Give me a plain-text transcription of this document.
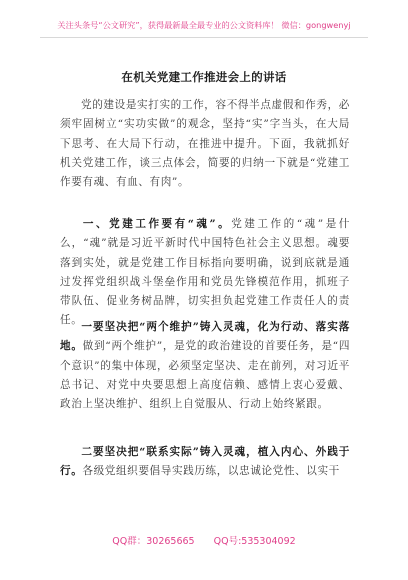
关注头条号“公文研究”，获得最新最全最专业的公文资料库！ 微信：gongwenyj
在机关党建工作推进会上的讲话
党的建设是实打实的工作，容不得半点虚假和作秀，必须牢固树立“实功实做”的观念，坚持“实”字当头，在大局下思考、在大局下行动，在推进中提升。下面，我就抓好机关党建工作，谈三点体会，简要的归纳一下就是“党建工作要有魂、有血、有肉”。
一、党建工作要有“魂”。党建工作的“魂”是什么，“魂”就是习近平新时代中国特色社会主义思想。魂要落到实处，就是党建工作目标指向要明确，说到底就是通过发挥党组织战斗堡垒作用和党员先锋模范作用，抓班子带队伍、促业务树品牌，切实担负起党建工作责任人的责任。
一要坚决把“两个维护”铸入灵魂，化为行动、落实落地。做到“两个维护”，是党的政治建设的首要任务，是“四个意识”的集中体现，必须坚定坚决、走在前列，对习近平总书记、对党中央要思想上高度信赖、感情上衷心爱戴、政治上坚决维护、组织上自觉服从、行动上始终紧跟。
二要坚决把“联系实际”铸入灵魂，植入内心、外践于行。各级党组织要倡导实践历练，以忠诚论党性、以实干
QQ群：30265665 QQ号:535304092
